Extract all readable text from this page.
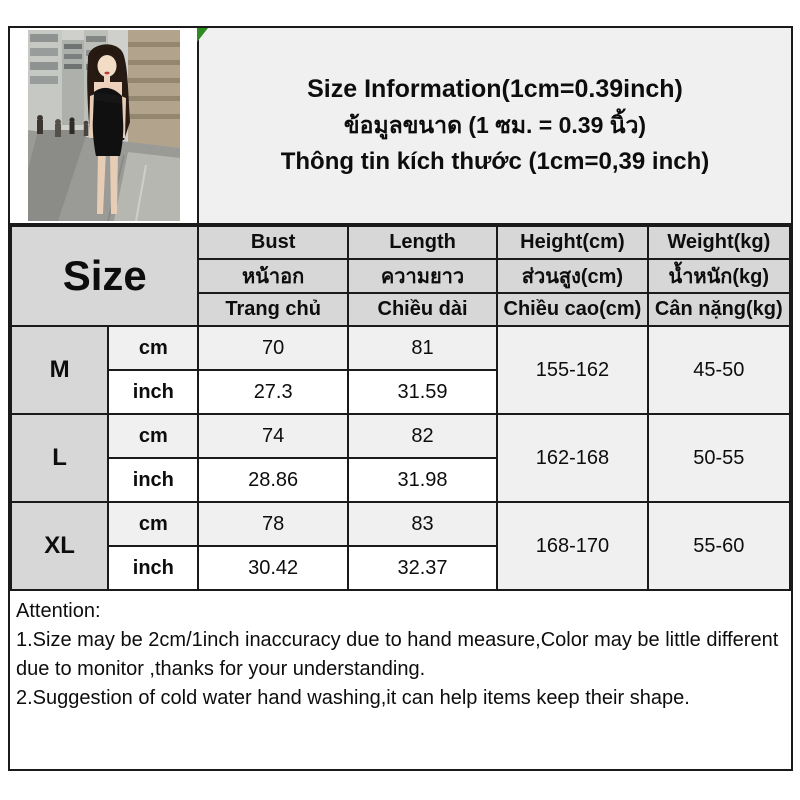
Size Information(1cm=0.39inch)
ข้อมูลขนาด (1 ซม. = 0.39 นิ้ว)
Thông tin kích thước (1cm=0,39 inch)
Size		Bust	Length	Height(cm)	Weight(kg)
		หน้าอก	ความยาว	ส่วนสูง(cm)	น้ำหนัก(kg)
		Trang chủ	Chiều dài	Chiều cao(cm)	Cân nặng(kg)
M	cm	70	81	155-162	45-50
	inch	27.3	31.59		
L	cm	74	82	162-168	50-55
	inch	28.86	31.98		
XL	cm	78	83	168-170	55-60
	inch	30.42	32.37		
Attention:
1.Size may be 2cm/1inch inaccuracy due to hand measure,Color may be little different due to monitor ,thanks for your understanding.
2.Suggestion of cold water hand washing,it can help items keep their shape.
